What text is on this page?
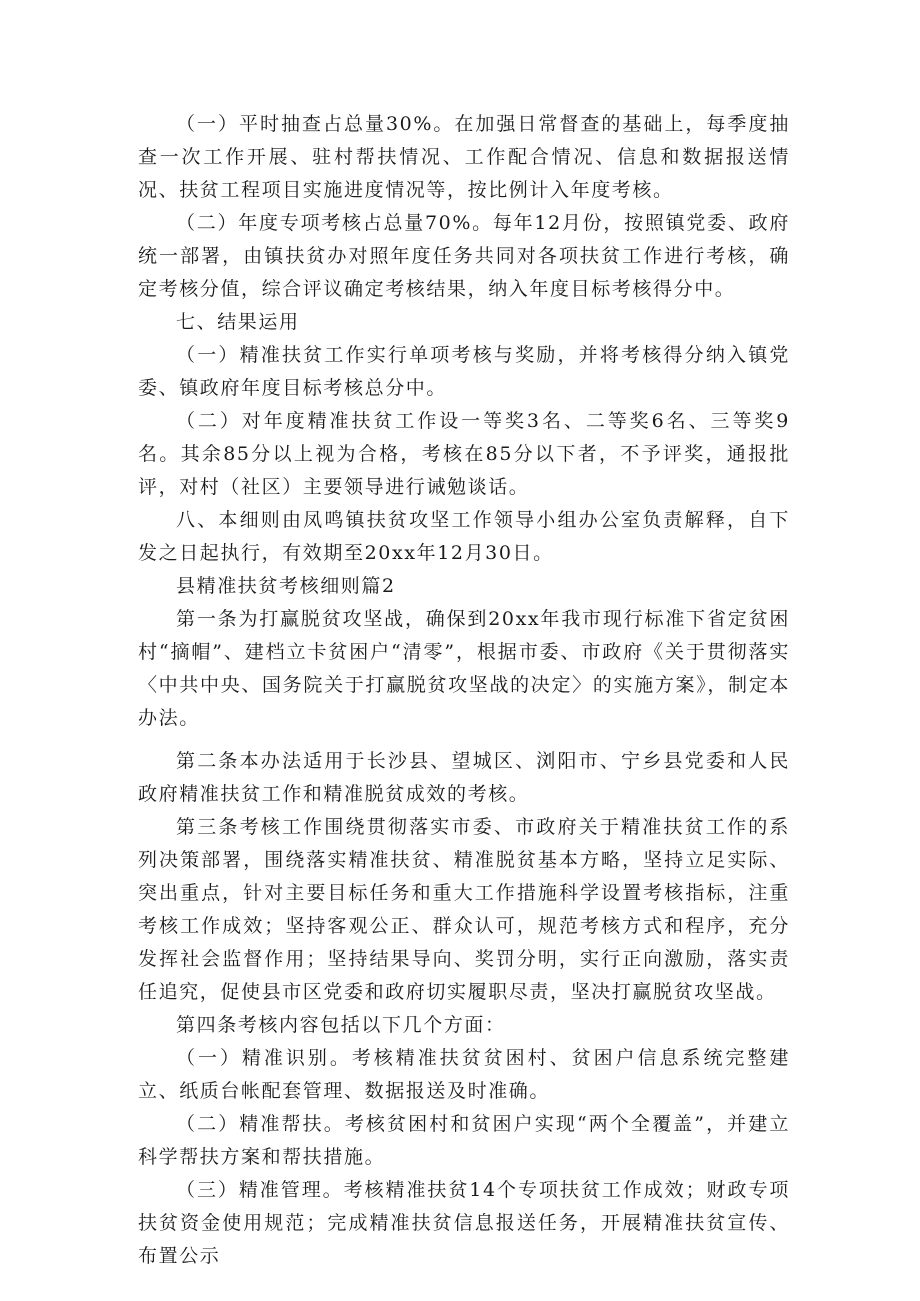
（一）平时抽查占总量30%。在加强日常督查的基础上，每季度抽查一次工作开展、驻村帮扶情况、工作配合情况、信息和数据报送情况、扶贫工程项目实施进度情况等，按比例计入年度考核。

（二）年度专项考核占总量70%。每年12月份，按照镇党委、政府统一部署，由镇扶贫办对照年度任务共同对各项扶贫工作进行考核，确定考核分值，综合评议确定考核结果，纳入年度目标考核得分中。

七、结果运用

（一）精准扶贫工作实行单项考核与奖励，并将考核得分纳入镇党委、镇政府年度目标考核总分中。

（二）对年度精准扶贫工作设一等奖3名、二等奖6名、三等奖9名。其余85分以上视为合格，考核在85分以下者，不予评奖，通报批评，对村（社区）主要领导进行诫勉谈话。

八、本细则由凤鸣镇扶贫攻坚工作领导小组办公室负责解释，自下发之日起执行，有效期至20xx年12月30日。

县精准扶贫考核细则篇2

第一条为打赢脱贫攻坚战，确保到20xx年我市现行标准下省定贫困村“摘帽”、建档立卡贫困户“清零”，根据市委、市政府《关于贯彻落实〈中共中央、国务院关于打赢脱贫攻坚战的决定〉的实施方案》，制定本办法。

第二条本办法适用于长沙县、望城区、浏阳市、宁乡县党委和人民政府精准扶贫工作和精准脱贫成效的考核。

第三条考核工作围绕贯彻落实市委、市政府关于精准扶贫工作的系列决策部署，围绕落实精准扶贫、精准脱贫基本方略，坚持立足实际、突出重点，针对主要目标任务和重大工作措施科学设置考核指标，注重考核工作成效；坚持客观公正、群众认可，规范考核方式和程序，充分发挥社会监督作用；坚持结果导向、奖罚分明，实行正向激励，落实责任追究，促使县市区党委和政府切实履职尽责，坚决打赢脱贫攻坚战。

第四条考核内容包括以下几个方面：

（一）精准识别。考核精准扶贫贫困村、贫困户信息系统完整建立、纸质台帐配套管理、数据报送及时准确。

（二）精准帮扶。考核贫困村和贫困户实现“两个全覆盖”，并建立科学帮扶方案和帮扶措施。

（三）精准管理。考核精准扶贫14个专项扶贫工作成效；财政专项扶贫资金使用规范；完成精准扶贫信息报送任务，开展精准扶贫宣传、布置公示
